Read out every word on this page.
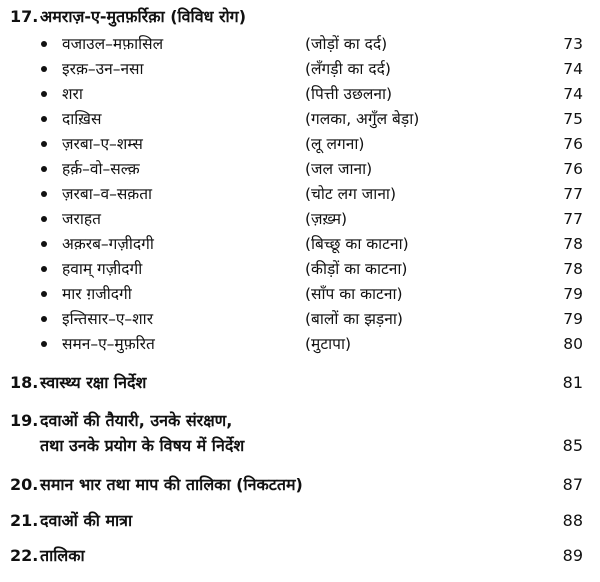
17. अमराज़-ए-मुतफ़र्रिक़ा (विविध रोग)
वजाउल–मफ़ासिल	(जोड़ों का दर्द)	73
इरक़–उन–नसा	(लँगड़ी का दर्द)	74
शरा	(पित्ती उछलना)	74
दाख़िस	(गलका, अगुँल बेड़ा)	75
ज़रबा–ए–शम्स	(लू लगना)	76
हर्क़–वो–सल्क़	(जल जाना)	76
ज़रबा–व–सक़ता	(चोट लग जाना)	77
जराहत	(ज़ख़्म)	77
अक़रब–गज़ीदगी	(बिच्छू का काटना)	78
हवाम् गज़ीदगी	(कीड़ों का काटना)	78
मार ग़जीदगी	(साँप का काटना)	79
इन्तिसार–ए–शार	(बालों का झड़ना)	79
समन–ए–मुफ़रित	(मुटापा)	80
18. स्वास्थ्य रक्षा निर्देश	81
19. दवाओं की तैयारी, उनके संरक्षण,
तथा उनके प्रयोग के विषय में निर्देश	85
20. समान भार तथा माप की तालिका (निकटतम)	87
21. दवाओं की मात्रा	88
22. तालिका	89
